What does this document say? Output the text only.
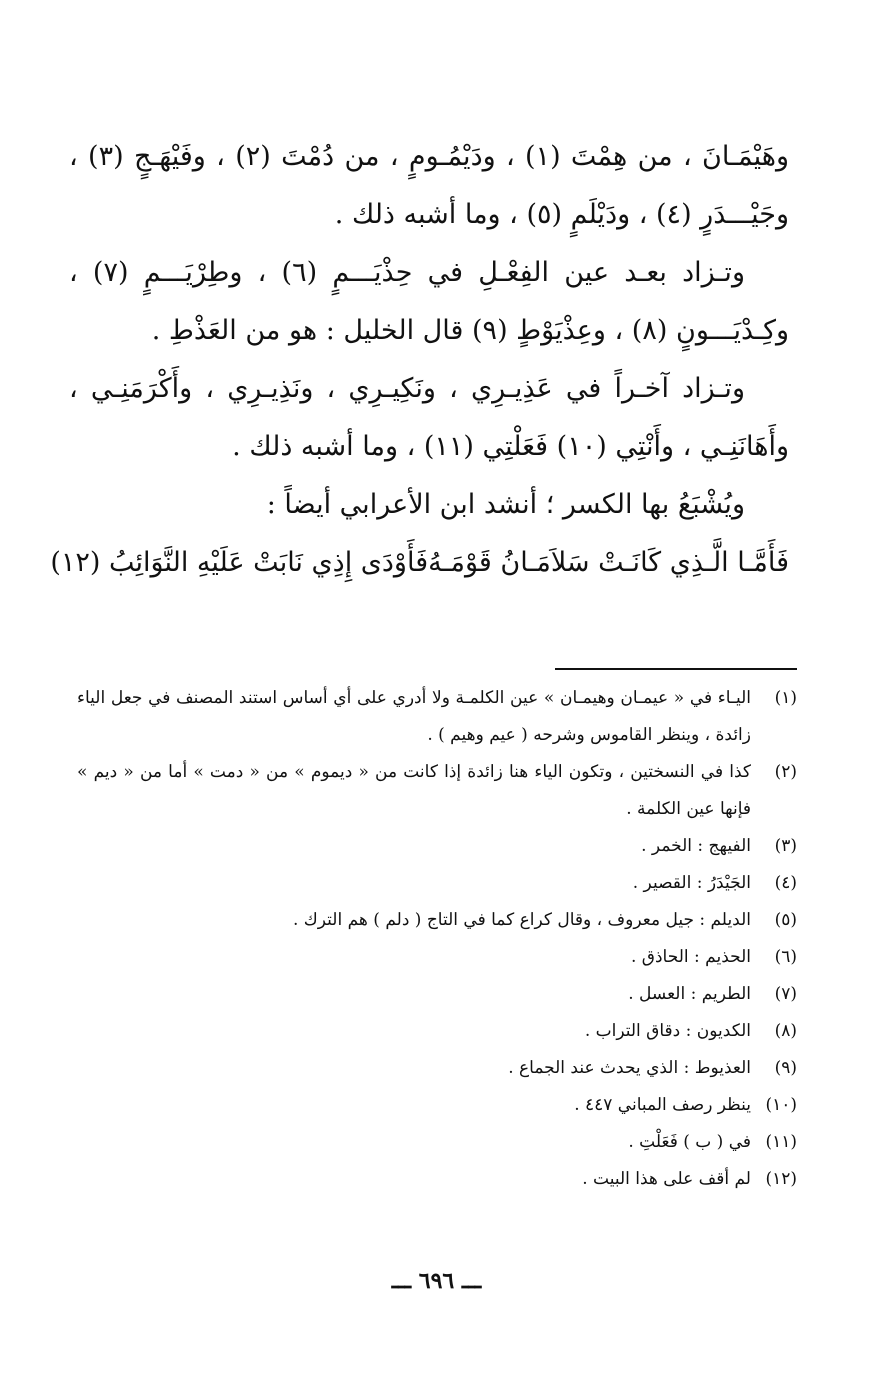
وهَيْمَـانَ ، من هِمْتَ (١) ، ودَيْمُـومٍ ، من دُمْتَ (٢) ، وفَيْهَـجٍ (٣) ، وجَيْـــدَرٍ (٤) ، ودَيْلَمٍ (٥) ، وما أشبه ذلك .

وتـزاد بعـد عين الفِعْـلِ في حِذْيَـــمٍ (٦) ، وطِرْيَـــمٍ (٧) ، وكِـدْيَـــونٍ (٨) ، وعِذْيَوْطٍ (٩) قال الخليل : هو من العَذْطِ .

وتـزاد آخـراً في عَذِيـرِي ، ونَكِيـرِي ، ونَذِيـرِي ، وأَكْرَمَنِـي ، وأَهَانَنِـي ، وأَنْتِي (١٠) فَعَلْتِي (١١) ، وما أشبه ذلك .

ويُشْبَعُ بها الكسر ؛ أنشد ابن الأعرابي أيضاً :

فَأَمَّـا الَّـذِي كَانَـتْ سَلاَمَـانُ قَوْمَـهُ
فَأَوْدَى إِذِي نَابَتْ عَلَيْهِ النَّوَائِبُ (١٢)
(١)
اليـاء في « عيمـان وهيمـان » عين الكلمـة ولا أدري على أي أساس استند المصنف في جعل الياء زائدة ، وينظر القاموس وشرحه ( عيم وهيم ) .
(٢)
كذا في النسختين ، وتكون الياء هنا زائدة إذا كانت من « ديموم » من « دمت » أما من « ديم » فإنها عين الكلمة .
(٣)
الفيهج : الخمر .
(٤)
الجَيْدَرُ : القصير .
(٥)
الديلم : جيل معروف ، وقال كراع كما في التاج ( دلم ) هم الترك .
(٦)
الحذيم : الحاذق .
(٧)
الطريم : العسل .
(٨)
الكديون : دقاق التراب .
(٩)
العذيوط : الذي يحدث عند الجماع .
(١٠)
ينظر رصف المباني ٤٤٧ .
(١١)
في ( ب ) فَعَلْتِ .
(١٢)
لم أقف على هذا البيت .
ـــ ٦٩٦ ـــ
